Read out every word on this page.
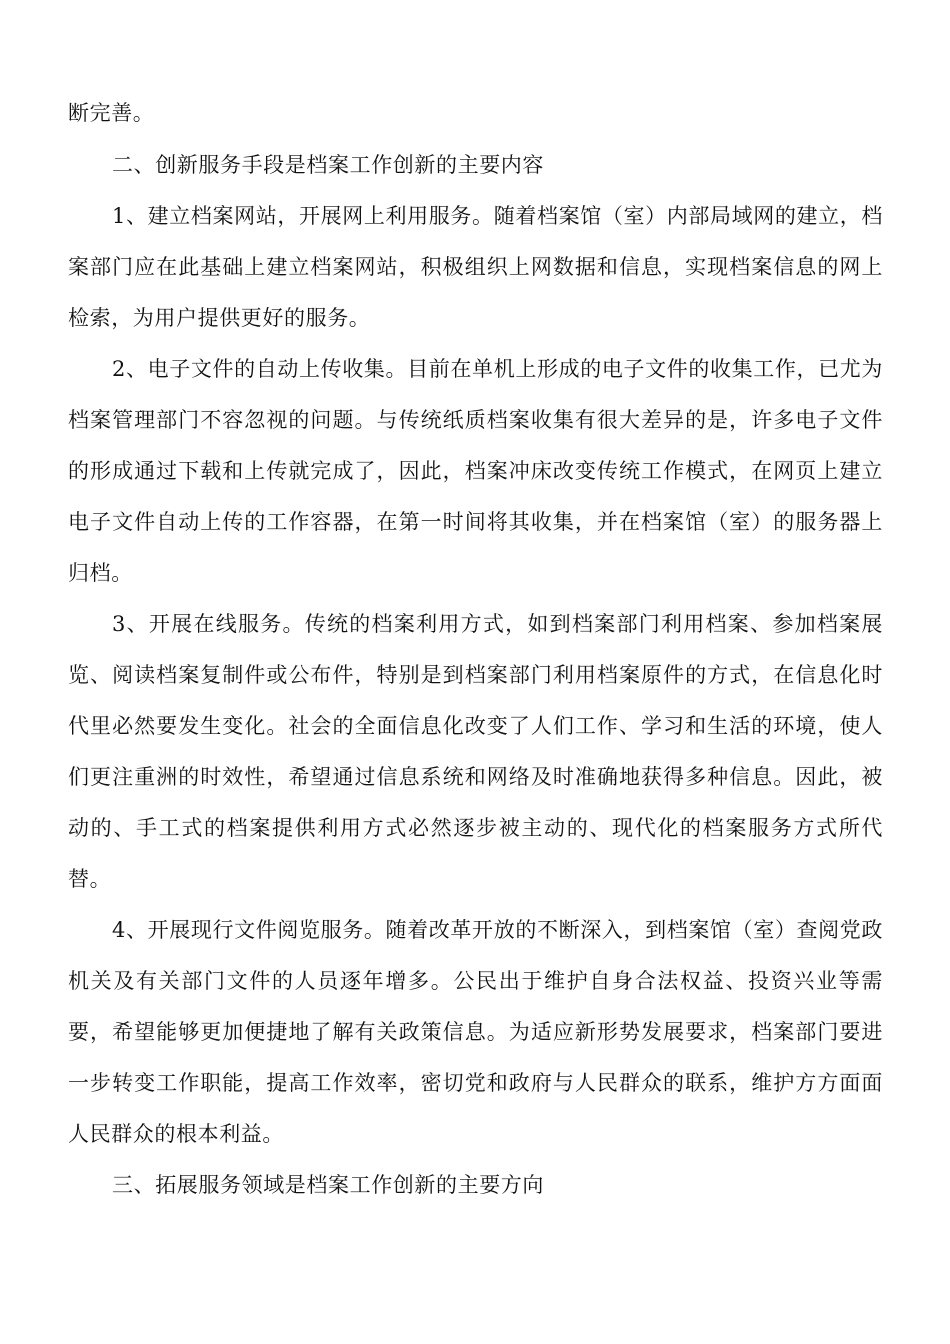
断完善。

二、创新服务手段是档案工作创新的主要内容

1、建立档案网站，开展网上利用服务。随着档案馆（室）内部局域网的建立，档案部门应在此基础上建立档案网站，积极组织上网数据和信息，实现档案信息的网上检索，为用户提供更好的服务。

2、电子文件的自动上传收集。目前在单机上形成的电子文件的收集工作，已尤为档案管理部门不容忽视的问题。与传统纸质档案收集有很大差异的是，许多电子文件的形成通过下载和上传就完成了，因此，档案冲床改变传统工作模式，在网页上建立电子文件自动上传的工作容器，在第一时间将其收集，并在档案馆（室）的服务器上归档。

3、开展在线服务。传统的档案利用方式，如到档案部门利用档案、参加档案展览、阅读档案复制件或公布件，特别是到档案部门利用档案原件的方式，在信息化时代里必然要发生变化。社会的全面信息化改变了人们工作、学习和生活的环境，使人们更注重洲的时效性，希望通过信息系统和网络及时准确地获得多种信息。因此，被动的、手工式的档案提供利用方式必然逐步被主动的、现代化的档案服务方式所代替。

4、开展现行文件阅览服务。随着改革开放的不断深入，到档案馆（室）查阅党政机关及有关部门文件的人员逐年增多。公民出于维护自身合法权益、投资兴业等需要，希望能够更加便捷地了解有关政策信息。为适应新形势发展要求，档案部门要进一步转变工作职能，提高工作效率，密切党和政府与人民群众的联系，维护方方面面人民群众的根本利益。

三、拓展服务领域是档案工作创新的主要方向
